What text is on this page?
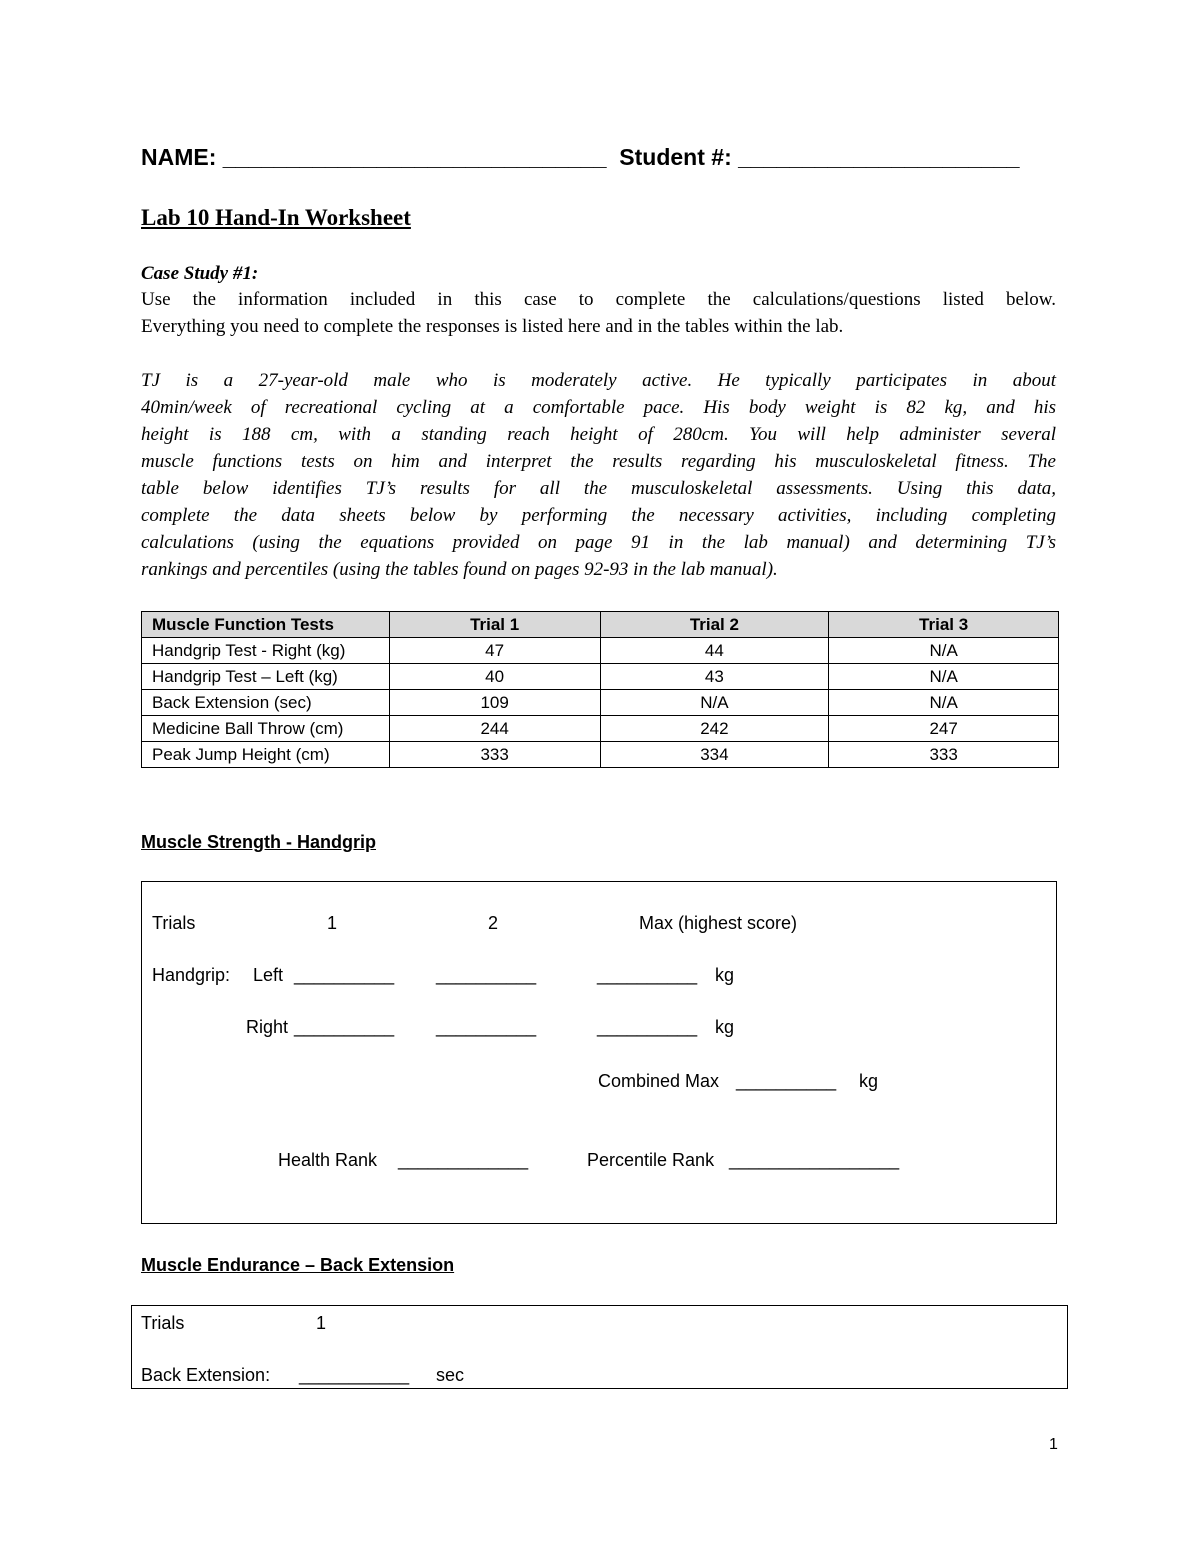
NAME: ______________________________  Student #: ______________________
Lab 10 Hand-In Worksheet
Case Study #1:
Use the information included in this case to complete the calculations/questions listed below.
Everything you need to complete the responses is listed here and in the tables within the lab.
TJ is a 27-year-old male who is moderately active. He typically participates in about
40min/week of recreational cycling at a comfortable pace. His body weight is 82 kg, and his
height is 188 cm, with a standing reach height of 280cm. You will help administer several
muscle functions tests on him and interpret the results regarding his musculoskeletal fitness. The
table below identifies TJ’s results for all the musculoskeletal assessments. Using this data,
complete the data sheets below by performing the necessary activities, including completing
calculations (using the equations provided on page 91 in the lab manual) and determining TJ’s
rankings and percentiles (using the tables found on pages 92-93 in the lab manual).
Muscle Function Tests	Trial 1	Trial 2	Trial 3
Handgrip Test - Right (kg)	47	44	N/A
Handgrip Test – Left (kg)	40	43	N/A
Back Extension (sec)	109	N/A	N/A
Medicine Ball Throw (cm)	244	242	247
Peak Jump Height (cm)	333	334	333
Muscle Strength - Handgrip
Trials	1	2	Max (highest score)
Handgrip: Left __________ __________	__________ kg
Right __________ __________	__________ kg
Combined Max __________ kg
Health Rank _____________	Percentile Rank _________________
Muscle Endurance – Back Extension
Trials	1
Back Extension: ___________ sec
1
